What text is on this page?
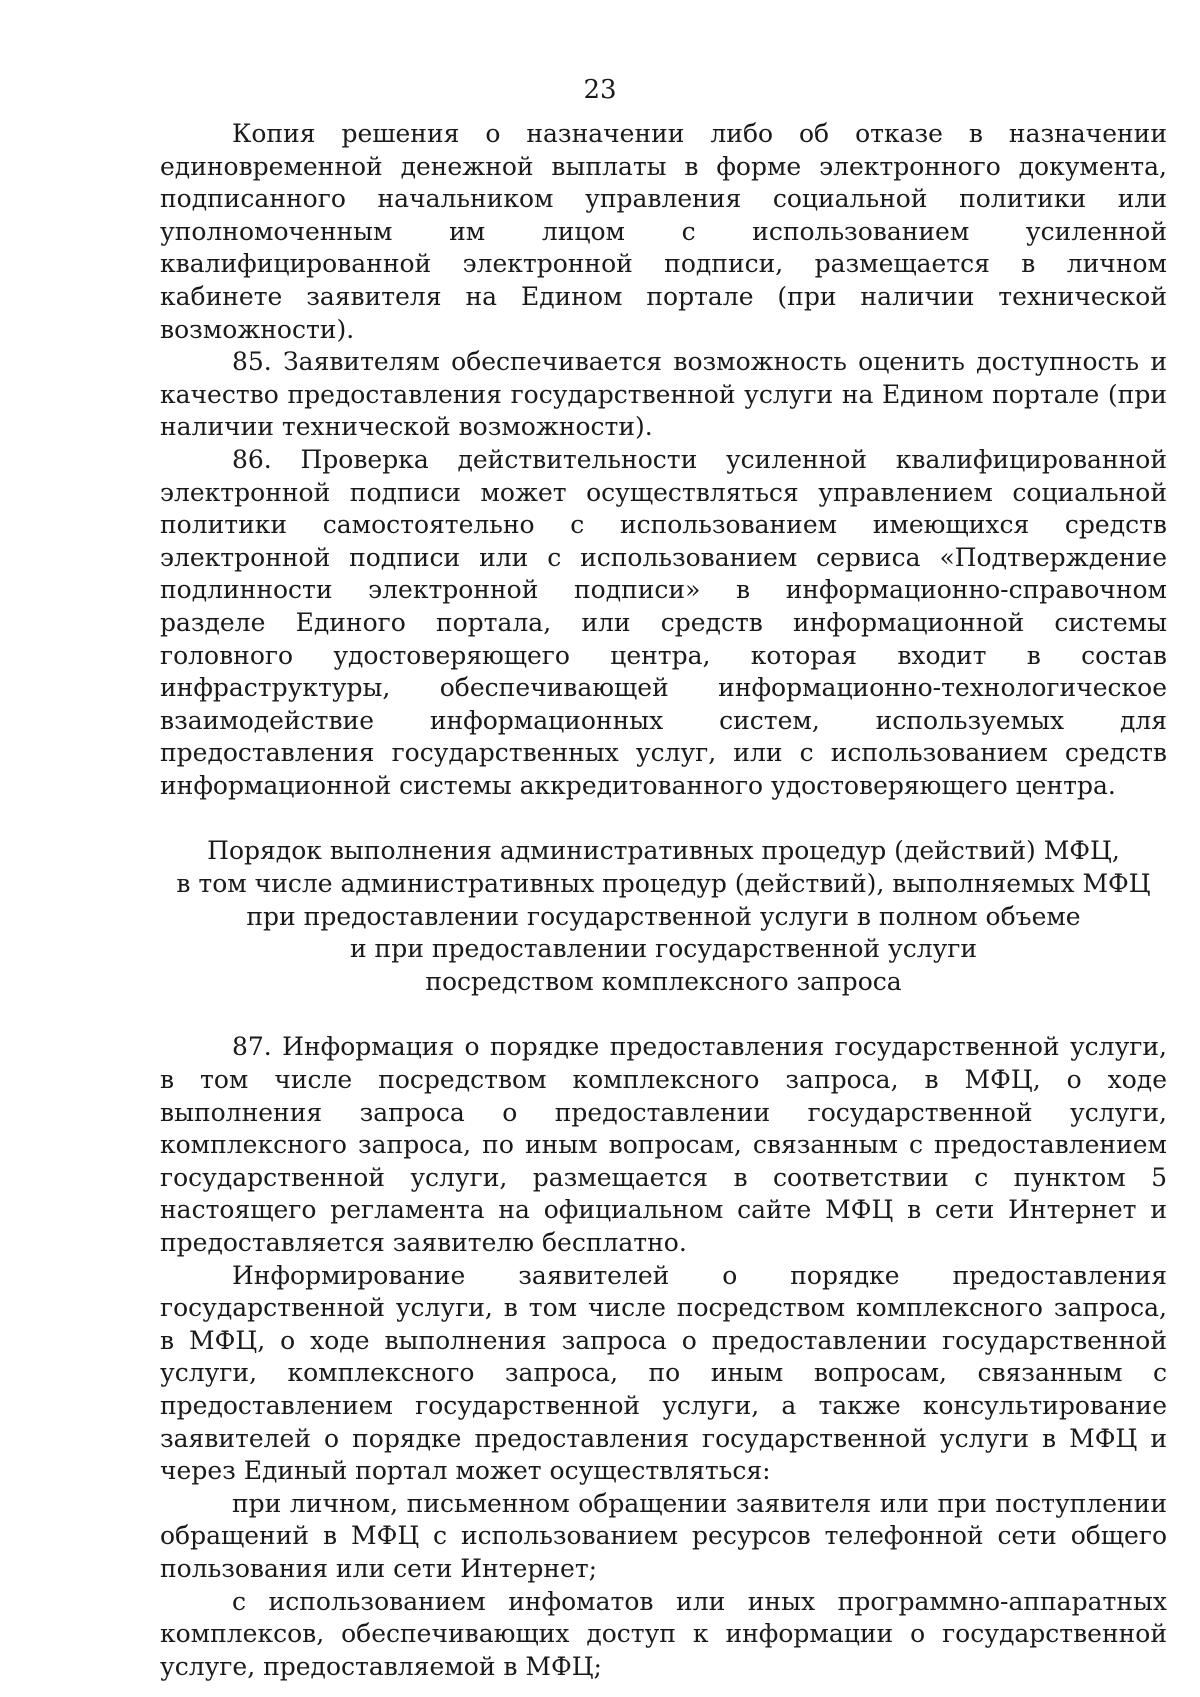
23

Копия решения о назначении либо об отказе в назначении единовременной денежной выплаты в форме электронного документа, подписанного начальником управления социальной политики или уполномоченным им лицом с использованием усиленной квалифицированной электронной подписи, размещается в личном кабинете заявителя на Едином портале (при наличии технической возможности).

85. Заявителям обеспечивается возможность оценить доступность и качество предоставления государственной услуги на Едином портале (при наличии технической возможности).

86. Проверка действительности усиленной квалифицированной электронной подписи может осуществляться управлением социальной политики самостоятельно с использованием имеющихся средств электронной подписи или с использованием сервиса «Подтверждение подлинности электронной подписи» в информационно-справочном разделе Единого портала, или средств информационной системы головного удостоверяющего центра, которая входит в состав инфраструктуры, обеспечивающей информационно-технологическое взаимодействие информационных систем, используемых для предоставления государственных услуг, или с использованием средств информационной системы аккредитованного удостоверяющего центра.

Порядок выполнения административных процедур (действий) МФЦ,
в том числе административных процедур (действий), выполняемых МФЦ
при предоставлении государственной услуги в полном объеме
и при предоставлении государственной услуги
посредством комплексного запроса

87. Информация о порядке предоставления государственной услуги, в том числе посредством комплексного запроса, в МФЦ, о ходе выполнения запроса о предоставлении государственной услуги, комплексного запроса, по иным вопросам, связанным с предоставлением государственной услуги, размещается в соответствии с пунктом 5 настоящего регламента на официальном сайте МФЦ в сети Интернет и предоставляется заявителю бесплатно.

Информирование заявителей о порядке предоставления государственной услуги, в том числе посредством комплексного запроса, в МФЦ, о ходе выполнения запроса о предоставлении государственной услуги, комплексного запроса, по иным вопросам, связанным с предоставлением государственной услуги, а также консультирование заявителей о порядке предоставления государственной услуги в МФЦ и через Единый портал может осуществляться:

при личном, письменном обращении заявителя или при поступлении обращений в МФЦ с использованием ресурсов телефонной сети общего пользования или сети Интернет;

с использованием инфоматов или иных программно-аппаратных комплексов, обеспечивающих доступ к информации о государственной услуге, предоставляемой в МФЦ;
